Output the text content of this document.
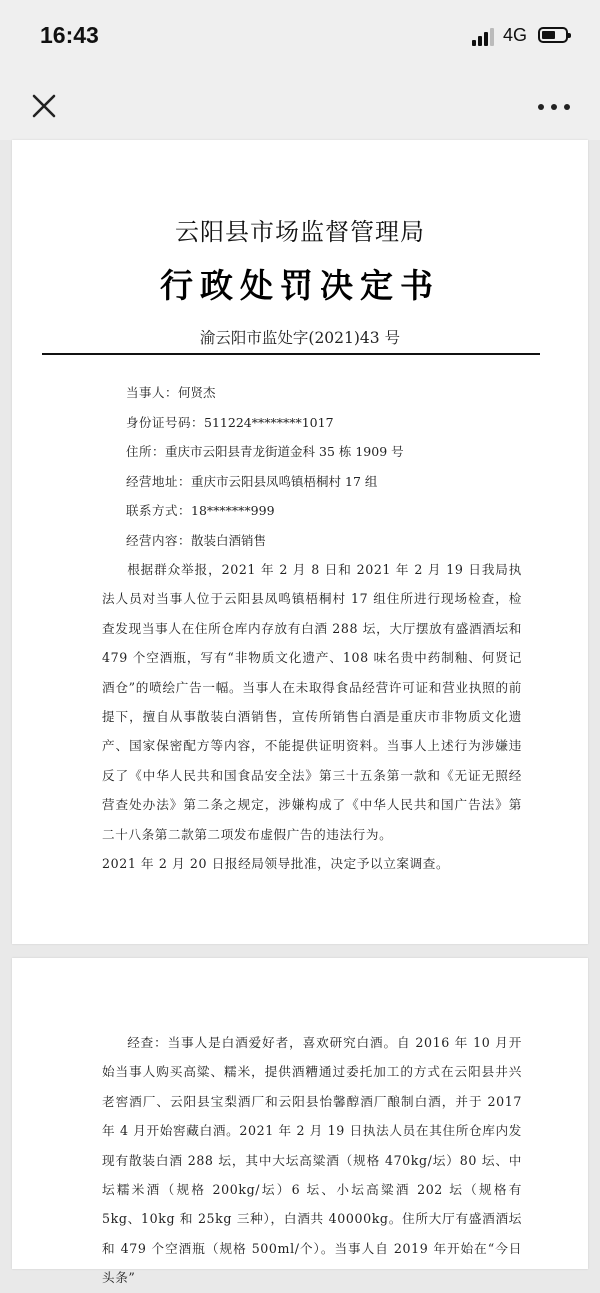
16:43	4G
云阳县市场监督管理局
行政处罚决定书
渝云阳市监处字(2021)43 号
当事人：何贤杰
身份证号码：511224********1017
住所：重庆市云阳县青龙街道金科 35 栋 1909 号
经营地址：重庆市云阳县凤鸣镇梧桐村 17 组
联系方式：18*******999
经营内容：散装白酒销售
根据群众举报，2021 年 2 月 8 日和 2021 年 2 月 19 日我局执法人员对当事人位于云阳县凤鸣镇梧桐村 17 组住所进行现场检查，检查发现当事人在住所仓库内存放有白酒 288 坛，大厅摆放有盛酒酒坛和 479 个空酒瓶，写有“非物质文化遗产、108 味名贵中药制釉、何贤记酒仓”的喷绘广告一幅。当事人在未取得食品经营许可证和营业执照的前提下，擅自从事散装白酒销售，宣传所销售白酒是重庆市非物质文化遗产、国家保密配方等内容，不能提供证明资料。当事人上述行为涉嫌违反了《中华人民共和国食品安全法》第三十五条第一款和《无证无照经营查处办法》第二条之规定，涉嫌构成了《中华人民共和国广告法》第二十八条第二款第二项发布虚假广告的违法行为。
2021 年 2 月 20 日报经局领导批准，决定予以立案调查。
经查：当事人是白酒爱好者，喜欢研究白酒。自 2016 年 10 月开始当事人购买高粱、糯米，提供酒糟通过委托加工的方式在云阳县井兴老窖酒厂、云阳县宝梨酒厂和云阳县怡馨醇酒厂酿制白酒，并于 2017 年 4 月开始窖藏白酒。2021 年 2 月 19 日执法人员在其住所仓库内发现有散装白酒 288 坛，其中大坛高粱酒（规格 470kg/坛）80 坛、中坛糯米酒（规格 200kg/坛）6 坛、小坛高粱酒 202 坛（规格有 5kg、10kg 和 25kg 三种），白酒共 40000kg。住所大厅有盛酒酒坛和 479 个空酒瓶（规格 500ml/个）。当事人自 2019 年开始在“今日头条”
